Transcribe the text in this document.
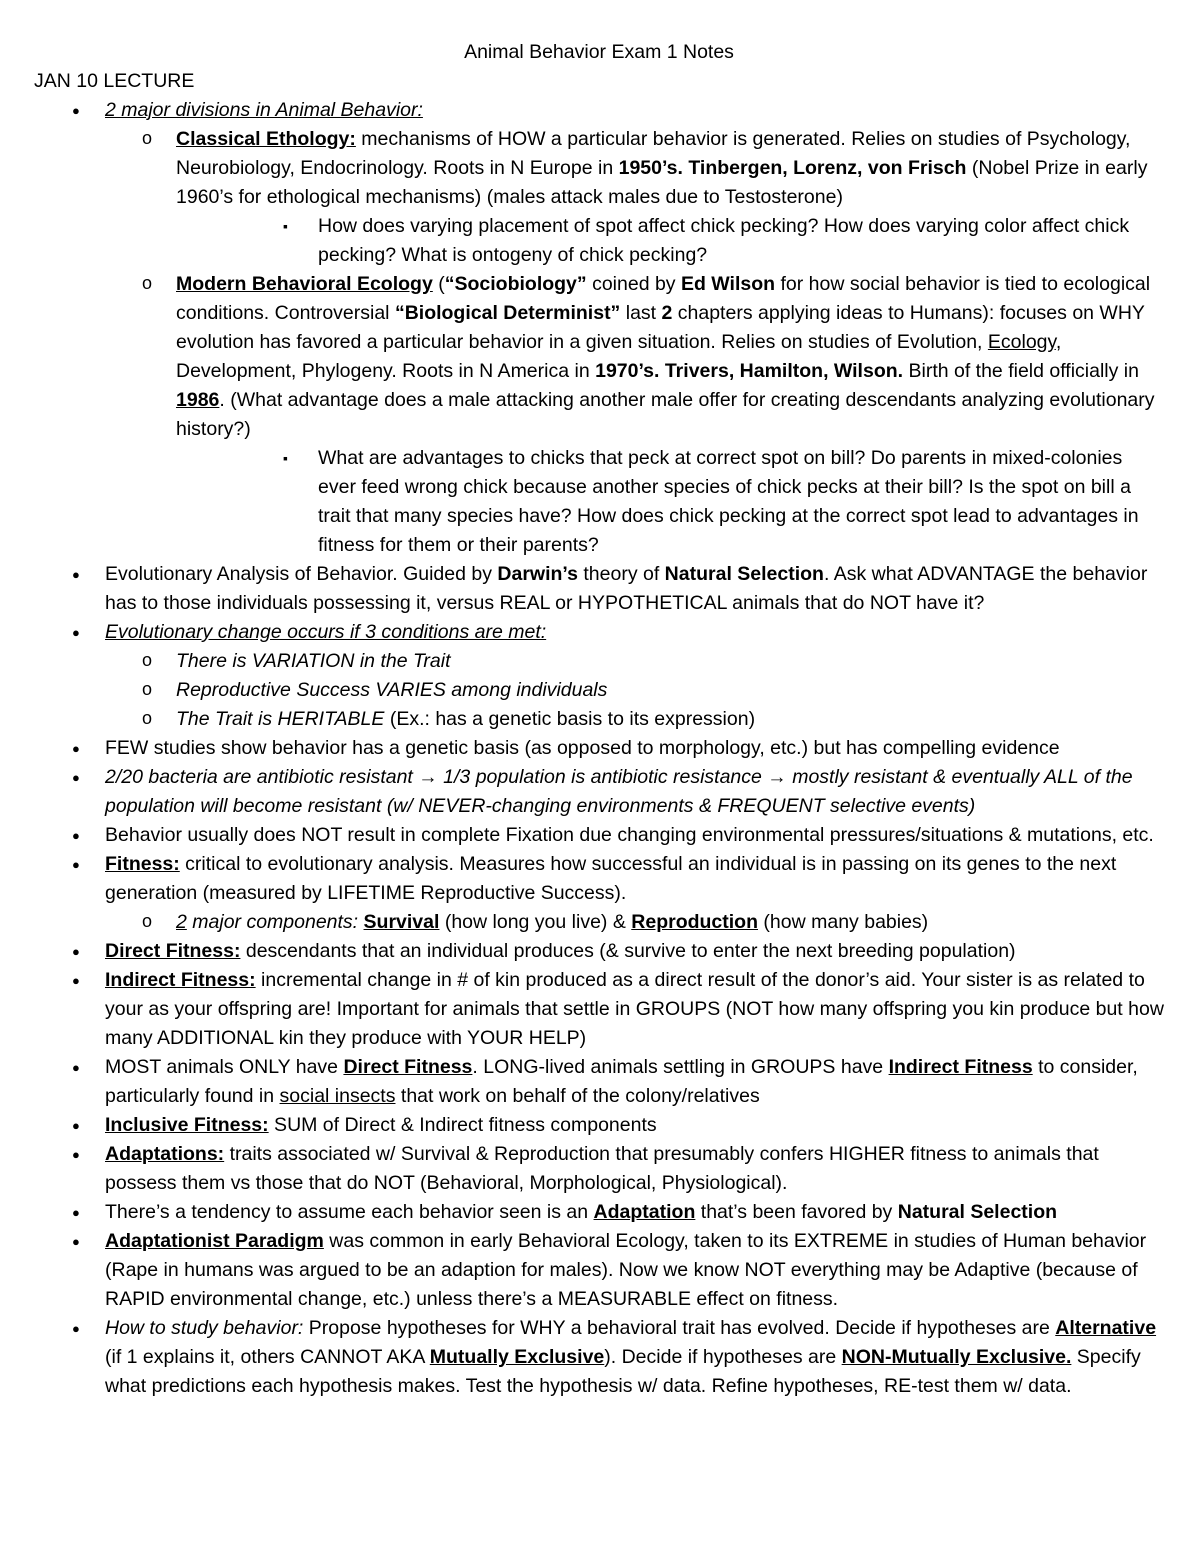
Animal Behavior Exam 1 Notes
JAN 10 LECTURE
● 2 major divisions in Animal Behavior:
o Classical Ethology: mechanisms of HOW a particular behavior is generated. Relies on studies of Psychology, Neurobiology, Endocrinology. Roots in N Europe in 1950’s. Tinbergen, Lorenz, von Frisch (Nobel Prize in early 1960’s for ethological mechanisms) (males attack males due to Testosterone)
▪ How does varying placement of spot affect chick pecking? How does varying color affect chick pecking? What is ontogeny of chick pecking?
o Modern Behavioral Ecology (“Sociobiology” coined by Ed Wilson for how social behavior is tied to ecological conditions. Controversial “Biological Determinist” last 2 chapters applying ideas to Humans): focuses on WHY evolution has favored a particular behavior in a given situation. Relies on studies of Evolution, Ecology, Development, Phylogeny. Roots in N America in 1970’s. Trivers, Hamilton, Wilson. Birth of the field officially in 1986. (What advantage does a male attacking another male offer for creating descendants analyzing evolutionary history?)
▪ What are advantages to chicks that peck at correct spot on bill? Do parents in mixed-colonies ever feed wrong chick because another species of chick pecks at their bill? Is the spot on bill a trait that many species have? How does chick pecking at the correct spot lead to advantages in fitness for them or their parents?
● Evolutionary Analysis of Behavior. Guided by Darwin’s theory of Natural Selection. Ask what ADVANTAGE the behavior has to those individuals possessing it, versus REAL or HYPOTHETICAL animals that do NOT have it?
● Evolutionary change occurs if 3 conditions are met:
o There is VARIATION in the Trait
o Reproductive Success VARIES among individuals
o The Trait is HERITABLE (Ex.: has a genetic basis to its expression)
● FEW studies show behavior has a genetic basis (as opposed to morphology, etc.) but has compelling evidence
● 2/20 bacteria are antibiotic resistant → 1/3 population is antibiotic resistance → mostly resistant & eventually ALL of the population will become resistant (w/ NEVER-changing environments & FREQUENT selective events)
● Behavior usually does NOT result in complete Fixation due changing environmental pressures/situations & mutations, etc.
● Fitness: critical to evolutionary analysis. Measures how successful an individual is in passing on its genes to the next generation (measured by LIFETIME Reproductive Success).
o 2 major components: Survival (how long you live) & Reproduction (how many babies)
● Direct Fitness: descendants that an individual produces (& survive to enter the next breeding population)
● Indirect Fitness: incremental change in # of kin produced as a direct result of the donor’s aid. Your sister is as related to your as your offspring are! Important for animals that settle in GROUPS (NOT how many offspring you kin produce but how many ADDITIONAL kin they produce with YOUR HELP)
● MOST animals ONLY have Direct Fitness. LONG-lived animals settling in GROUPS have Indirect Fitness to consider, particularly found in social insects that work on behalf of the colony/relatives
● Inclusive Fitness: SUM of Direct & Indirect fitness components
● Adaptations: traits associated w/ Survival & Reproduction that presumably confers HIGHER fitness to animals that possess them vs those that do NOT (Behavioral, Morphological, Physiological).
● There’s a tendency to assume each behavior seen is an Adaptation that’s been favored by Natural Selection
● Adaptationist Paradigm was common in early Behavioral Ecology, taken to its EXTREME in studies of Human behavior (Rape in humans was argued to be an adaption for males). Now we know NOT everything may be Adaptive (because of RAPID environmental change, etc.) unless there’s a MEASURABLE effect on fitness.
● How to study behavior: Propose hypotheses for WHY a behavioral trait has evolved. Decide if hypotheses are Alternative (if 1 explains it, others CANNOT AKA Mutually Exclusive). Decide if hypotheses are NON-Mutually Exclusive. Specify what predictions each hypothesis makes. Test the hypothesis w/ data. Refine hypotheses, RE-test them w/ data.
